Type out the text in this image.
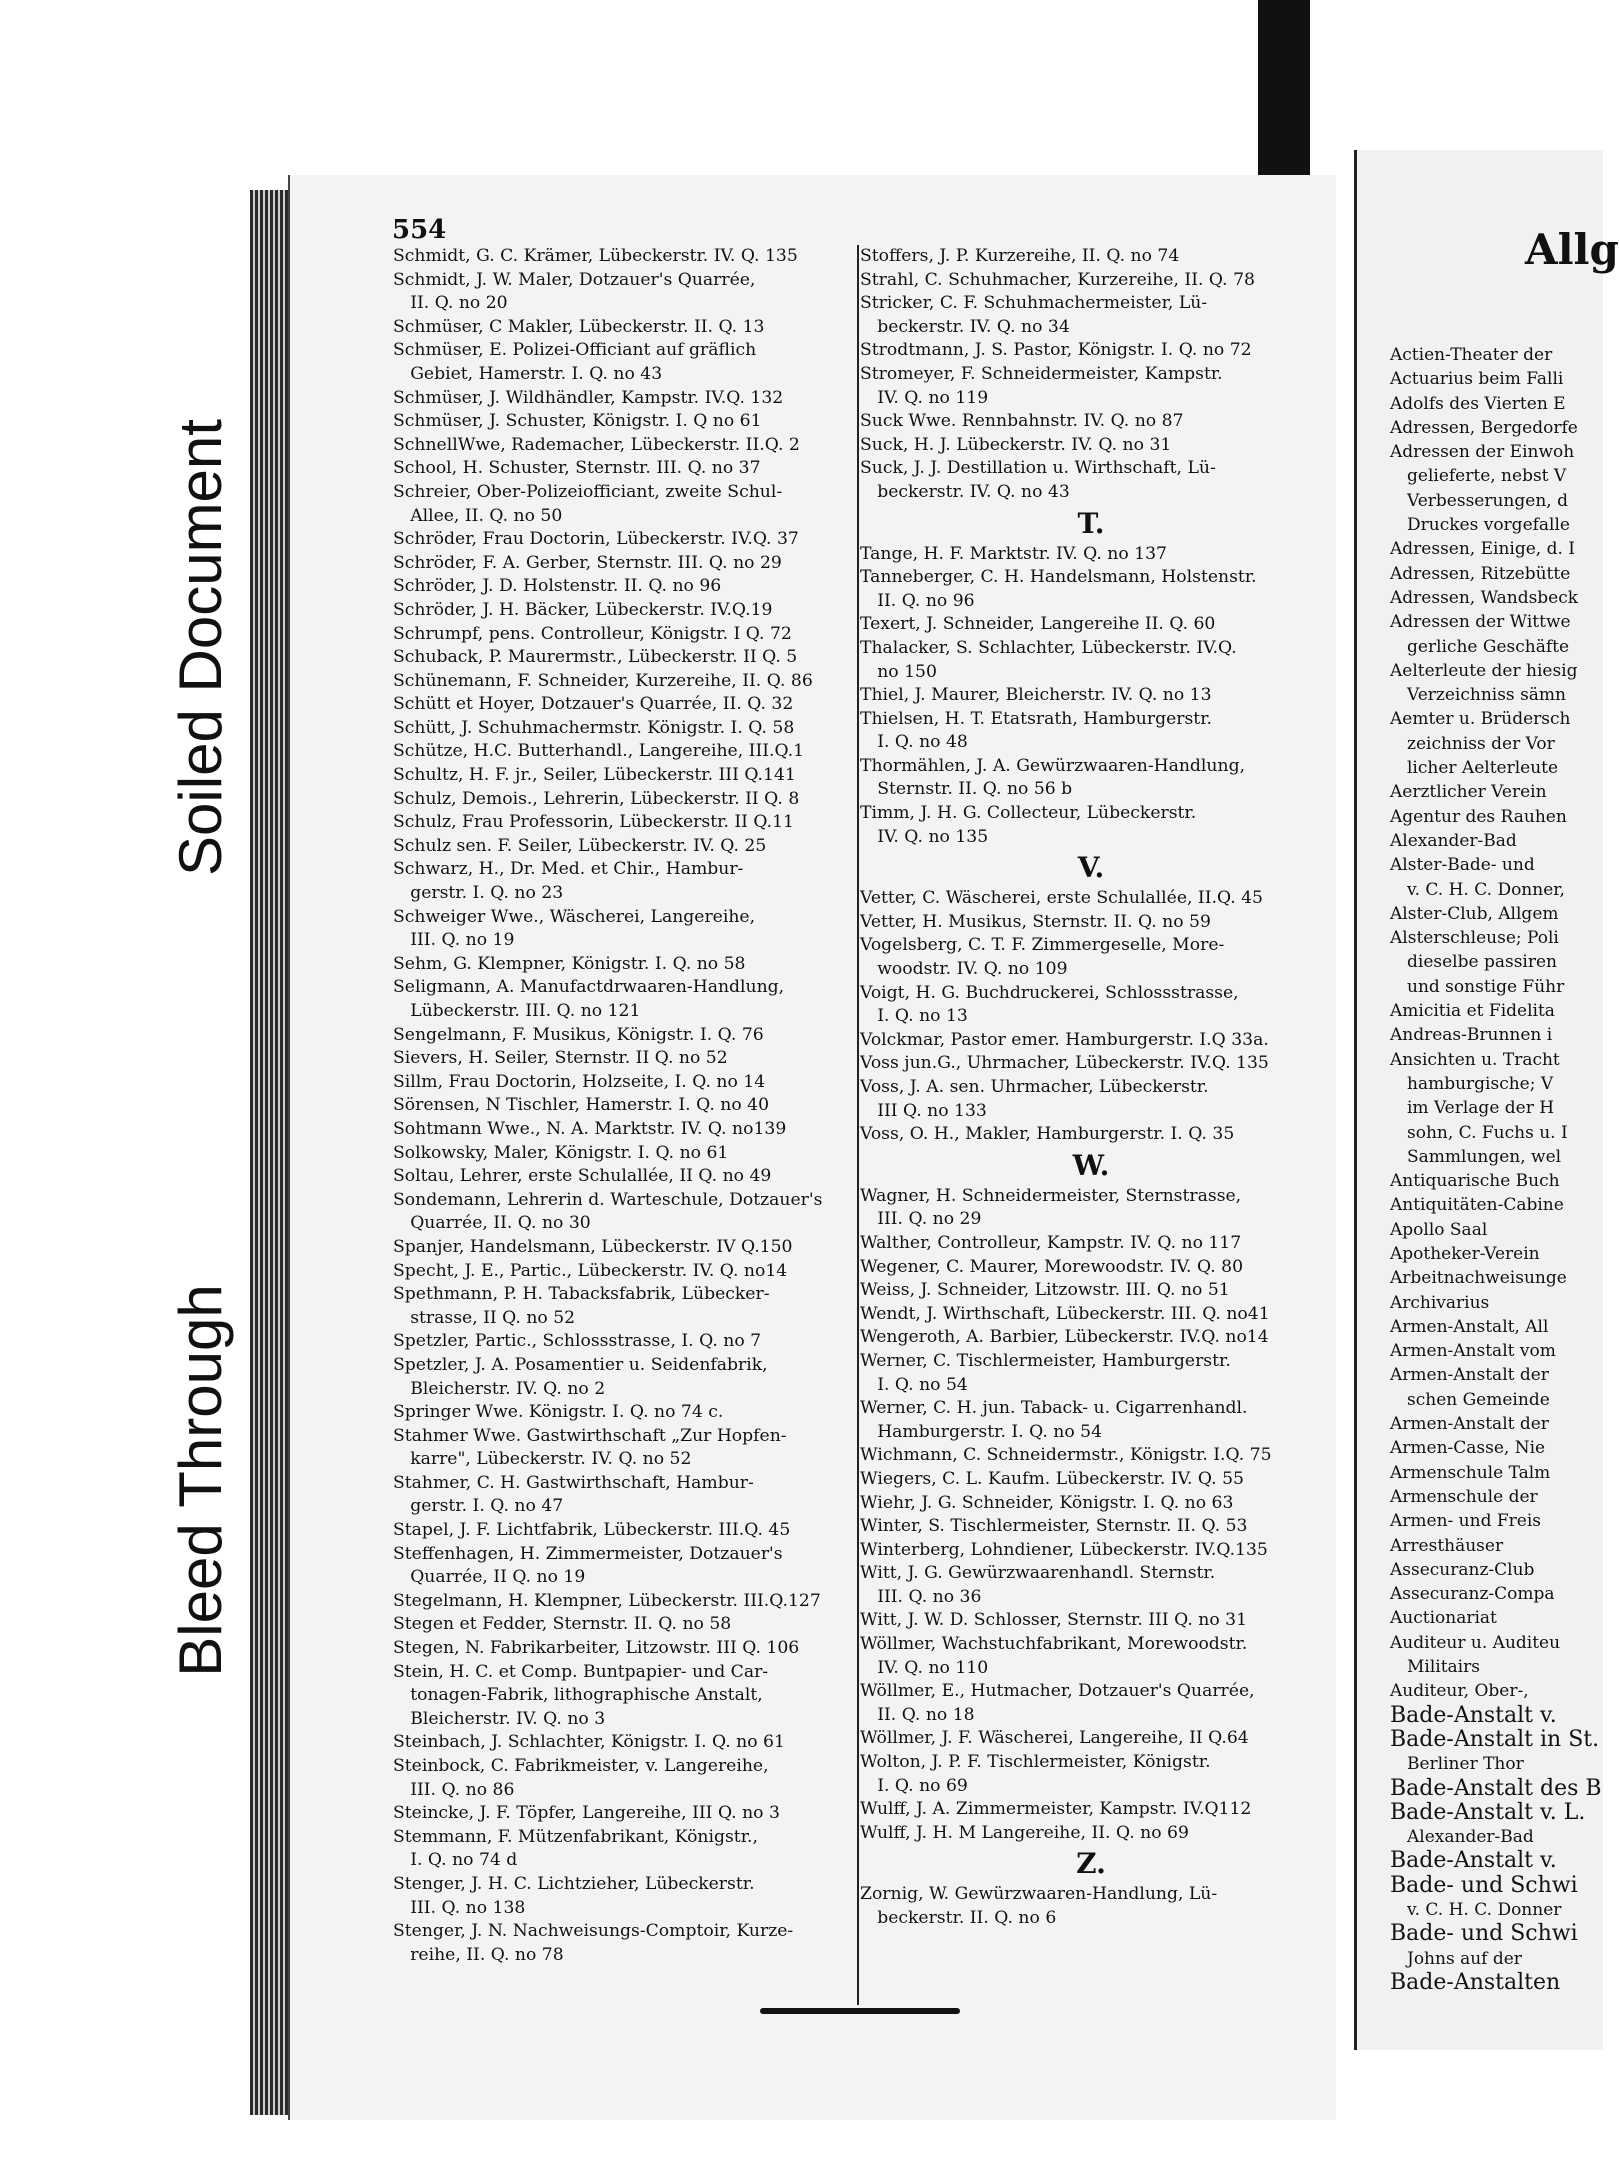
Soiled Document
Bleed Through
554
Schmidt, G. C. Krämer, Lübeckerstr. IV. Q. 135
Schmidt, J. W. Maler, Dotzauer's Quarrée,
 II. Q. no 20
Schmüser, C Makler, Lübeckerstr. II. Q. 13
Schmüser, E. Polizei-Officiant auf gräflich
 Gebiet, Hamerstr. I. Q. no 43
Schmüser, J. Wildhändler, Kampstr. IV.Q. 132
Schmüser, J. Schuster, Königstr. I. Q no 61
SchnellWwe, Rademacher, Lübeckerstr. II.Q. 2
School, H. Schuster, Sternstr. III. Q. no 37
Schreier, Ober-Polizeiofficiant, zweite Schul-
 Allee, II. Q. no 50
Schröder, Frau Doctorin, Lübeckerstr. IV.Q. 37
Schröder, F. A. Gerber, Sternstr. III. Q. no 29
Schröder, J. D. Holstenstr. II. Q. no 96
Schröder, J. H. Bäcker, Lübeckerstr. IV.Q.19
Schrumpf, pens. Controlleur, Königstr. I Q. 72
Schuback, P. Maurermstr., Lübeckerstr. II Q. 5
Schünemann, F. Schneider, Kurzereihe, II. Q. 86
Schütt et Hoyer, Dotzauer's Quarrée, II. Q. 32
Schütt, J. Schuhmachermstr. Königstr. I. Q. 58
Schütze, H.C. Butterhandl., Langereihe, III.Q.1
Schultz, H. F. jr., Seiler, Lübeckerstr. III Q.141
Schulz, Demois., Lehrerin, Lübeckerstr. II Q. 8
Schulz, Frau Professorin, Lübeckerstr. II Q.11
Schulz sen. F. Seiler, Lübeckerstr. IV. Q. 25
Schwarz, H., Dr. Med. et Chir., Hambur-
 gerstr. I. Q. no 23
Schweiger Wwe., Wäscherei, Langereihe,
 III. Q. no 19
Sehm, G. Klempner, Königstr. I. Q. no 58
Seligmann, A. Manufactdrwaaren-Handlung,
 Lübeckerstr. III. Q. no 121
Sengelmann, F. Musikus, Königstr. I. Q. 76
Sievers, H. Seiler, Sternstr. II Q. no 52
Sillm, Frau Doctorin, Holzseite, I. Q. no 14
Sörensen, N Tischler, Hamerstr. I. Q. no 40
Sohtmann Wwe., N. A. Marktstr. IV. Q. no139
Solkowsky, Maler, Königstr. I. Q. no 61
Soltau, Lehrer, erste Schulallée, II Q. no 49
Sondemann, Lehrerin d. Warteschule, Dotzauer's
 Quarrée, II. Q. no 30
Spanjer, Handelsmann, Lübeckerstr. IV Q.150
Specht, J. E., Partic., Lübeckerstr. IV. Q. no14
Spethmann, P. H. Tabacksfabrik, Lübecker-
 strasse, II Q. no 52
Spetzler, Partic., Schlossstrasse, I. Q. no 7
Spetzler, J. A. Posamentier u. Seidenfabrik,
 Bleicherstr. IV. Q. no 2
Springer Wwe. Königstr. I. Q. no 74 c.
Stahmer Wwe. Gastwirthschaft „Zur Hopfen-
 karre", Lübeckerstr. IV. Q. no 52
Stahmer, C. H. Gastwirthschaft, Hambur-
 gerstr. I. Q. no 47
Stapel, J. F. Lichtfabrik, Lübeckerstr. III.Q. 45
Steffenhagen, H. Zimmermeister, Dotzauer's
 Quarrée, II Q. no 19
Stegelmann, H. Klempner, Lübeckerstr. III.Q.127
Stegen et Fedder, Sternstr. II. Q. no 58
Stegen, N. Fabrikarbeiter, Litzowstr. III Q. 106
Stein, H. C. et Comp. Buntpapier- und Car-
 tonagen-Fabrik, lithographische Anstalt,
 Bleicherstr. IV. Q. no 3
Steinbach, J. Schlachter, Königstr. I. Q. no 61
Steinbock, C. Fabrikmeister, v. Langereihe,
 III. Q. no 86
Steincke, J. F. Töpfer, Langereihe, III Q. no 3
Stemmann, F. Mützenfabrikant, Königstr.,
 I. Q. no 74 d
Stenger, J. H. C. Lichtzieher, Lübeckerstr.
 III. Q. no 138
Stenger, J. N. Nachweisungs-Comptoir, Kurze-
 reihe, II. Q. no 78
Stoffers, J. P. Kurzereihe, II. Q. no 74
Strahl, C. Schuhmacher, Kurzereihe, II. Q. 78
Stricker, C. F. Schuhmachermeister, Lü-
 beckerstr. IV. Q. no 34
Strodtmann, J. S. Pastor, Königstr. I. Q. no 72
Stromeyer, F. Schneidermeister, Kampstr.
 IV. Q. no 119
Suck Wwe. Rennbahnstr. IV. Q. no 87
Suck, H. J. Lübeckerstr. IV. Q. no 31
Suck, J. J. Destillation u. Wirthschaft, Lü-
 beckerstr. IV. Q. no 43
T.
Tange, H. F. Marktstr. IV. Q. no 137
Tanneberger, C. H. Handelsmann, Holstenstr.
 II. Q. no 96
Texert, J. Schneider, Langereihe II. Q. 60
Thalacker, S. Schlachter, Lübeckerstr. IV.Q.
 no 150
Thiel, J. Maurer, Bleicherstr. IV. Q. no 13
Thielsen, H. T. Etatsrath, Hamburgerstr.
 I. Q. no 48
Thormählen, J. A. Gewürzwaaren-Handlung,
 Sternstr. II. Q. no 56 b
Timm, J. H. G. Collecteur, Lübeckerstr.
 IV. Q. no 135
V.
Vetter, C. Wäscherei, erste Schulallée, II.Q. 45
Vetter, H. Musikus, Sternstr. II. Q. no 59
Vogelsberg, C. T. F. Zimmergeselle, More-
 woodstr. IV. Q. no 109
Voigt, H. G. Buchdruckerei, Schlossstrasse,
 I. Q. no 13
Volckmar, Pastor emer. Hamburgerstr. I.Q 33a.
Voss jun.G., Uhrmacher, Lübeckerstr. IV.Q. 135
Voss, J. A. sen. Uhrmacher, Lübeckerstr.
 III Q. no 133
Voss, O. H., Makler, Hamburgerstr. I. Q. 35
W.
Wagner, H. Schneidermeister, Sternstrasse,
 III. Q. no 29
Walther, Controlleur, Kampstr. IV. Q. no 117
Wegener, C. Maurer, Morewoodstr. IV. Q. 80
Weiss, J. Schneider, Litzowstr. III. Q. no 51
Wendt, J. Wirthschaft, Lübeckerstr. III. Q. no41
Wengeroth, A. Barbier, Lübeckerstr. IV.Q. no14
Werner, C. Tischlermeister, Hamburgerstr.
 I. Q. no 54
Werner, C. H. jun. Taback- u. Cigarrenhandl.
 Hamburgerstr. I. Q. no 54
Wichmann, C. Schneidermstr., Königstr. I.Q. 75
Wiegers, C. L. Kaufm. Lübeckerstr. IV. Q. 55
Wiehr, J. G. Schneider, Königstr. I. Q. no 63
Winter, S. Tischlermeister, Sternstr. II. Q. 53
Winterberg, Lohndiener, Lübeckerstr. IV.Q.135
Witt, J. G. Gewürzwaarenhandl. Sternstr.
 III. Q. no 36
Witt, J. W. D. Schlosser, Sternstr. III Q. no 31
Wöllmer, Wachstuchfabrikant, Morewoodstr.
 IV. Q. no 110
Wöllmer, E., Hutmacher, Dotzauer's Quarrée,
 II. Q. no 18
Wöllmer, J. F. Wäscherei, Langereihe, II Q.64
Wolton, J. P. F. Tischlermeister, Königstr.
 I. Q. no 69
Wulff, J. A. Zimmermeister, Kampstr. IV.Q112
Wulff, J. H. M Langereihe, II. Q. no 69
Z.
Zornig, W. Gewürzwaaren-Handlung, Lü-
 beckerstr. II. Q. no 6
Allg
Actien-Theater der
Actuarius beim Falli
Adolfs des Vierten E
Adressen, Bergedorfe
Adressen der Einwoh
 gelieferte, nebst V
 Verbesserungen, d
 Druckes vorgefalle
Adressen, Einige, d. I
Adressen, Ritzebütte
Adressen, Wandsbeck
Adressen der Wittwe
 gerliche Geschäfte
Aelterleute der hiesig
 Verzeichniss sämn
Aemter u. Brüdersch
 zeichniss der Vor
 licher Aelterleute
Aerztlicher Verein
Agentur des Rauhen
Alexander-Bad
Alster-Bade- und
 v. C. H. C. Donner,
Alster-Club, Allgem
Alsterschleuse; Poli
 dieselbe passiren
 und sonstige Führ
Amicitia et Fidelita
Andreas-Brunnen i
Ansichten u. Tracht
 hamburgische; V
 im Verlage der H
 sohn, C. Fuchs u. I
 Sammlungen, wel
Antiquarische Buch
Antiquitäten-Cabine
Apollo Saal
Apotheker-Verein
Arbeitnachweisunge
Archivarius
Armen-Anstalt, All
Armen-Anstalt vom
Armen-Anstalt der
 schen Gemeinde
Armen-Anstalt der
Armen-Casse, Nie
Armenschule Talm
Armenschule der
Armen- und Freis
Arresthäuser
Assecuranz-Club
Assecuranz-Compa
Auctionariat
Auditeur u. Auditeu
 Militairs
Auditeur, Ober-,
Bade-Anstalt v.
Bade-Anstalt in St.
 Berliner Thor
Bade-Anstalt des B
Bade-Anstalt v. L.
 Alexander-Bad
Bade-Anstalt v.
Bade- und Schwi
 v. C. H. C. Donner
Bade- und Schwi
 Johns auf der
Bade-Anstalten
